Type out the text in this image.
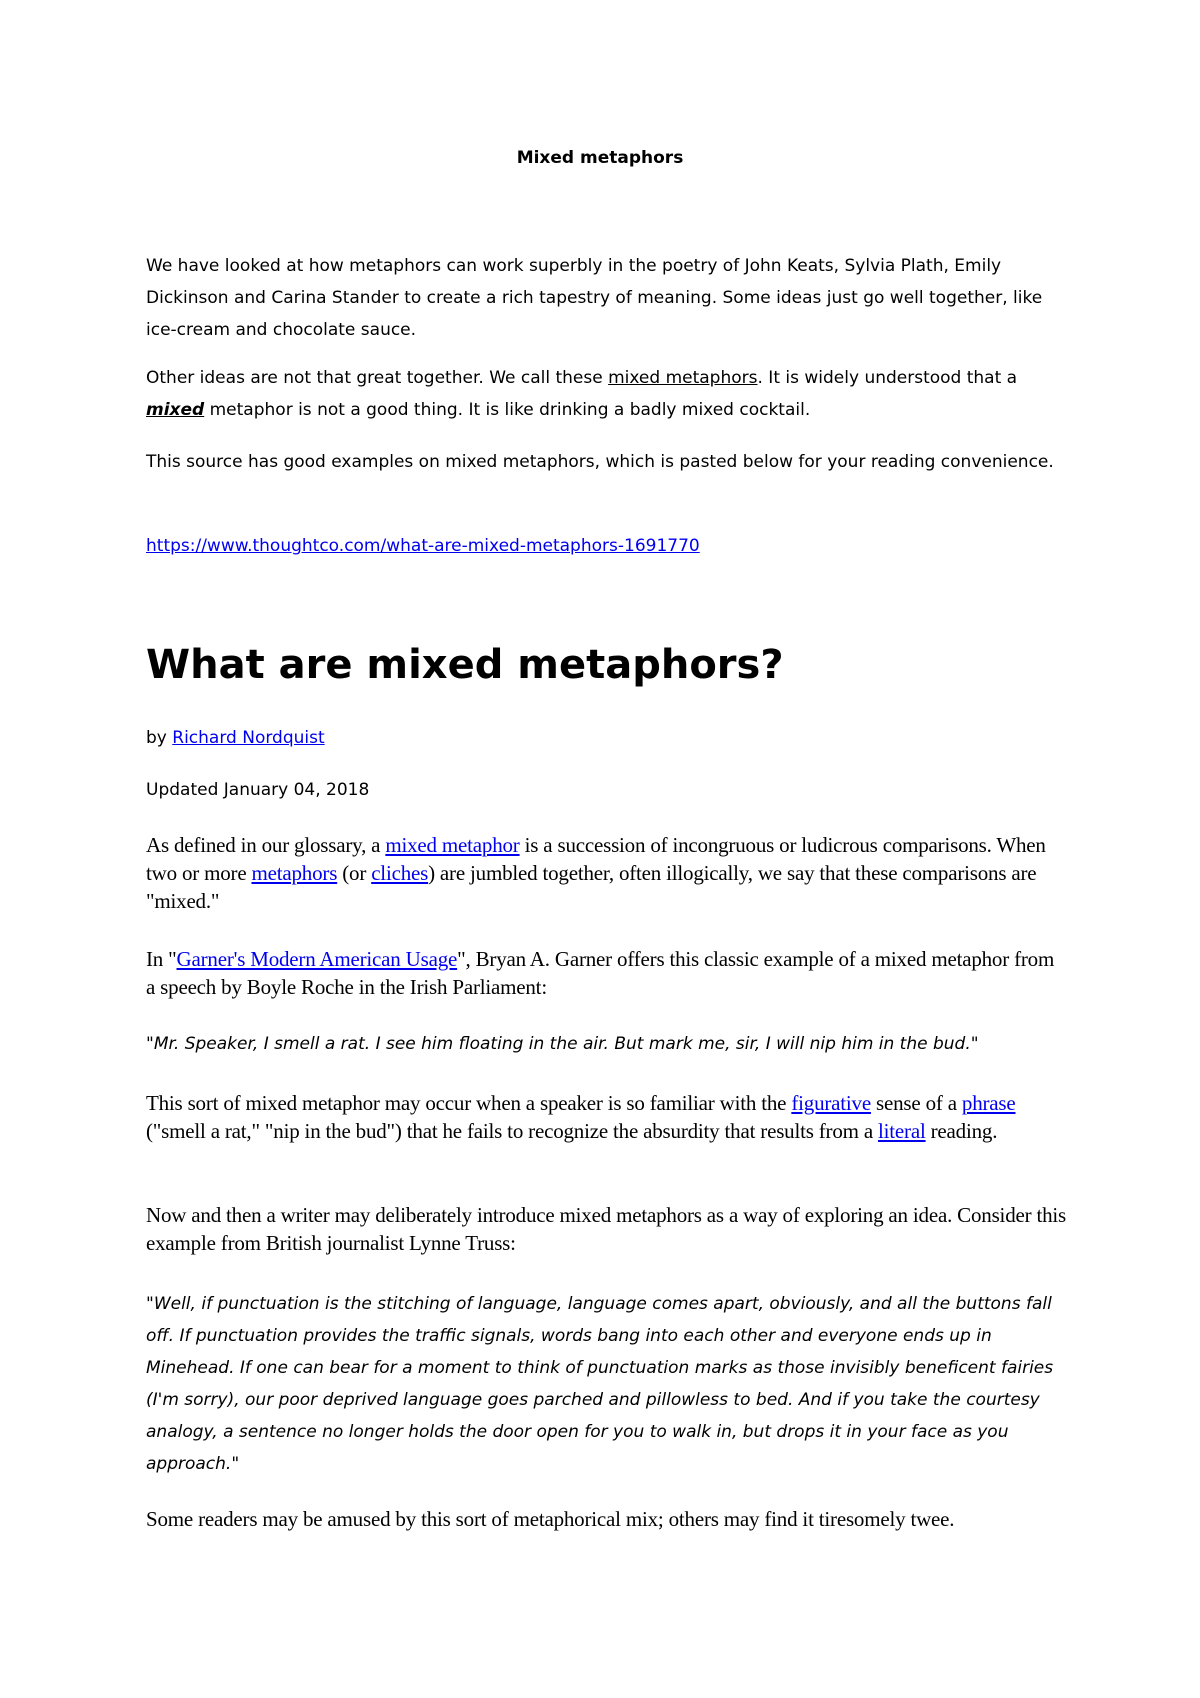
Mixed metaphors

We have looked at how metaphors can work superbly in the poetry of John Keats, Sylvia Plath, Emily Dickinson and Carina Stander to create a rich tapestry of meaning. Some ideas just go well together, like ice-cream and chocolate sauce.

Other ideas are not that great together. We call these mixed metaphors. It is widely understood that a mixed metaphor is not a good thing. It is like drinking a badly mixed cocktail.

This source has good examples on mixed metaphors, which is pasted below for your reading convenience.

https://www.thoughtco.com/what-are-mixed-metaphors-1691770

What are mixed metaphors?

by Richard Nordquist

Updated January 04, 2018

As defined in our glossary, a mixed metaphor is a succession of incongruous or ludicrous comparisons. When two or more metaphors (or cliches) are jumbled together, often illogically, we say that these comparisons are "mixed."

In "Garner's Modern American Usage", Bryan A. Garner offers this classic example of a mixed metaphor from a speech by Boyle Roche in the Irish Parliament:

"Mr. Speaker, I smell a rat. I see him floating in the air. But mark me, sir, I will nip him in the bud."

This sort of mixed metaphor may occur when a speaker is so familiar with the figurative sense of a phrase ("smell a rat," "nip in the bud") that he fails to recognize the absurdity that results from a literal reading.

Now and then a writer may deliberately introduce mixed metaphors as a way of exploring an idea. Consider this example from British journalist Lynne Truss:

"Well, if punctuation is the stitching of language, language comes apart, obviously, and all the buttons fall off. If punctuation provides the traffic signals, words bang into each other and everyone ends up in Minehead. If one can bear for a moment to think of punctuation marks as those invisibly beneficent fairies (I'm sorry), our poor deprived language goes parched and pillowless to bed. And if you take the courtesy analogy, a sentence no longer holds the door open for you to walk in, but drops it in your face as you approach."

Some readers may be amused by this sort of metaphorical mix; others may find it tiresomely twee.
